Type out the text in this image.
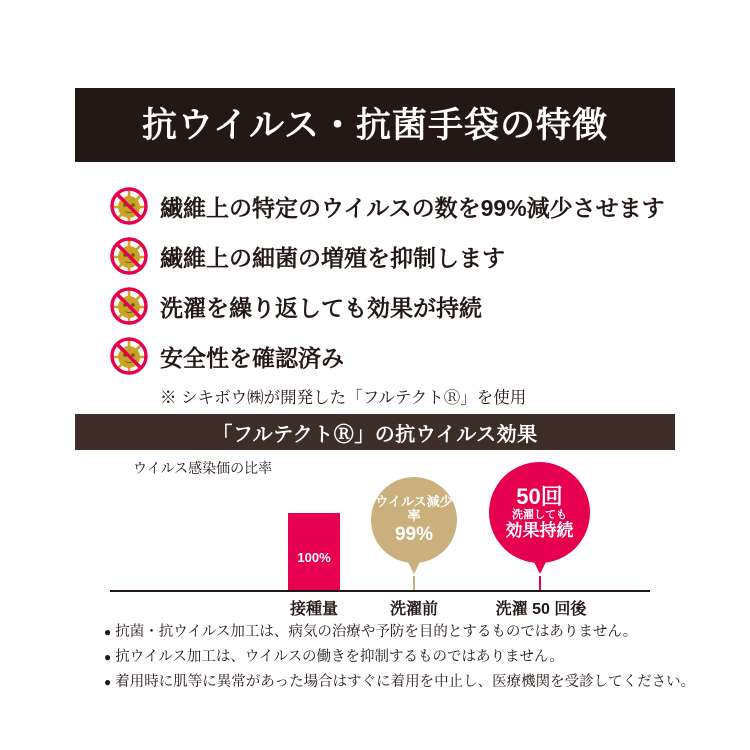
抗ウイルス・抗菌手袋の特徴
繊維上の特定のウイルスの数を99%減少させます
繊維上の細菌の増殖を抑制します
洗濯を繰り返しても効果が持続
安全性を確認済み
※ シキボウ㈱が開発した「フルテクトⓇ」を使用
「フルテクトⓇ」の抗ウイルス効果
ウイルス感染価の比率
100%
ウイルス減少率
99%
50回
洗濯しても
効果持続
接種量	洗濯前	洗濯 50 回後
● 抗菌・抗ウイルス加工は、病気の治療や予防を目的とするものではありません。
● 抗ウイルス加工は、ウイルスの働きを抑制するものではありません。
● 着用時に肌等に異常があった場合はすぐに着用を中止し、医療機関を受診してください。
